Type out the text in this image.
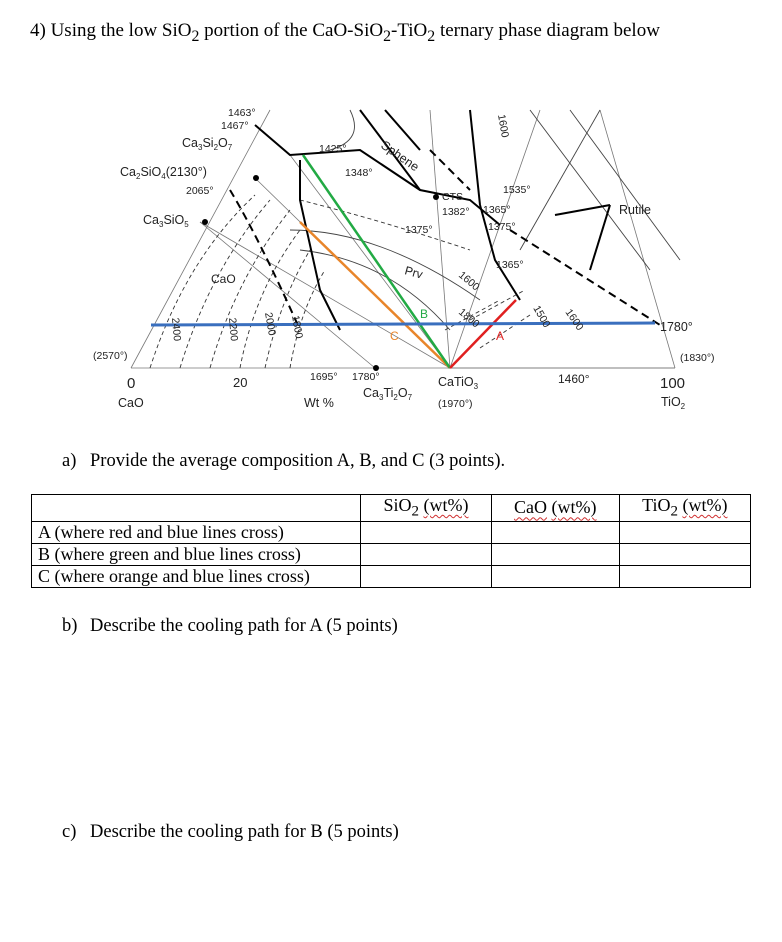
4) Using the low SiO$_2$ portion of the CaO-SiO$_2$-TiO$_2$ ternary phase diagram below
1463°
1467°
$Ca_3Si_2O_7$
$Ca_2SiO_4(2130^\circ)$
2065°
$Ca_3SiO_5$
CaO
1425°
1348° Sphene
1600
1535°
CTS
1382° 1365°
1375°	1375°
1365°
Rutile
Prv	1600
1800	1500 1600
A
B
C
1780°
(1830°)
(2570°)
2400	2200 2000 1800
1695° 1780°
$Ca_3Ti_2O_7$
CaTiO$_3$
(1970°)
1460°
0	20	100
CaO	Wt %	TiO$_2$
a) Provide the average composition A, B, and C (3 points).
	SiO$_2$ (wt%)	CaO (wt%)	TiO$_2$ (wt%)
A (where red and blue lines cross)			
B (where green and blue lines cross)			
C (where orange and blue lines cross)			
b) Describe the cooling path for A (5 points)
c) Describe the cooling path for B (5 points)
